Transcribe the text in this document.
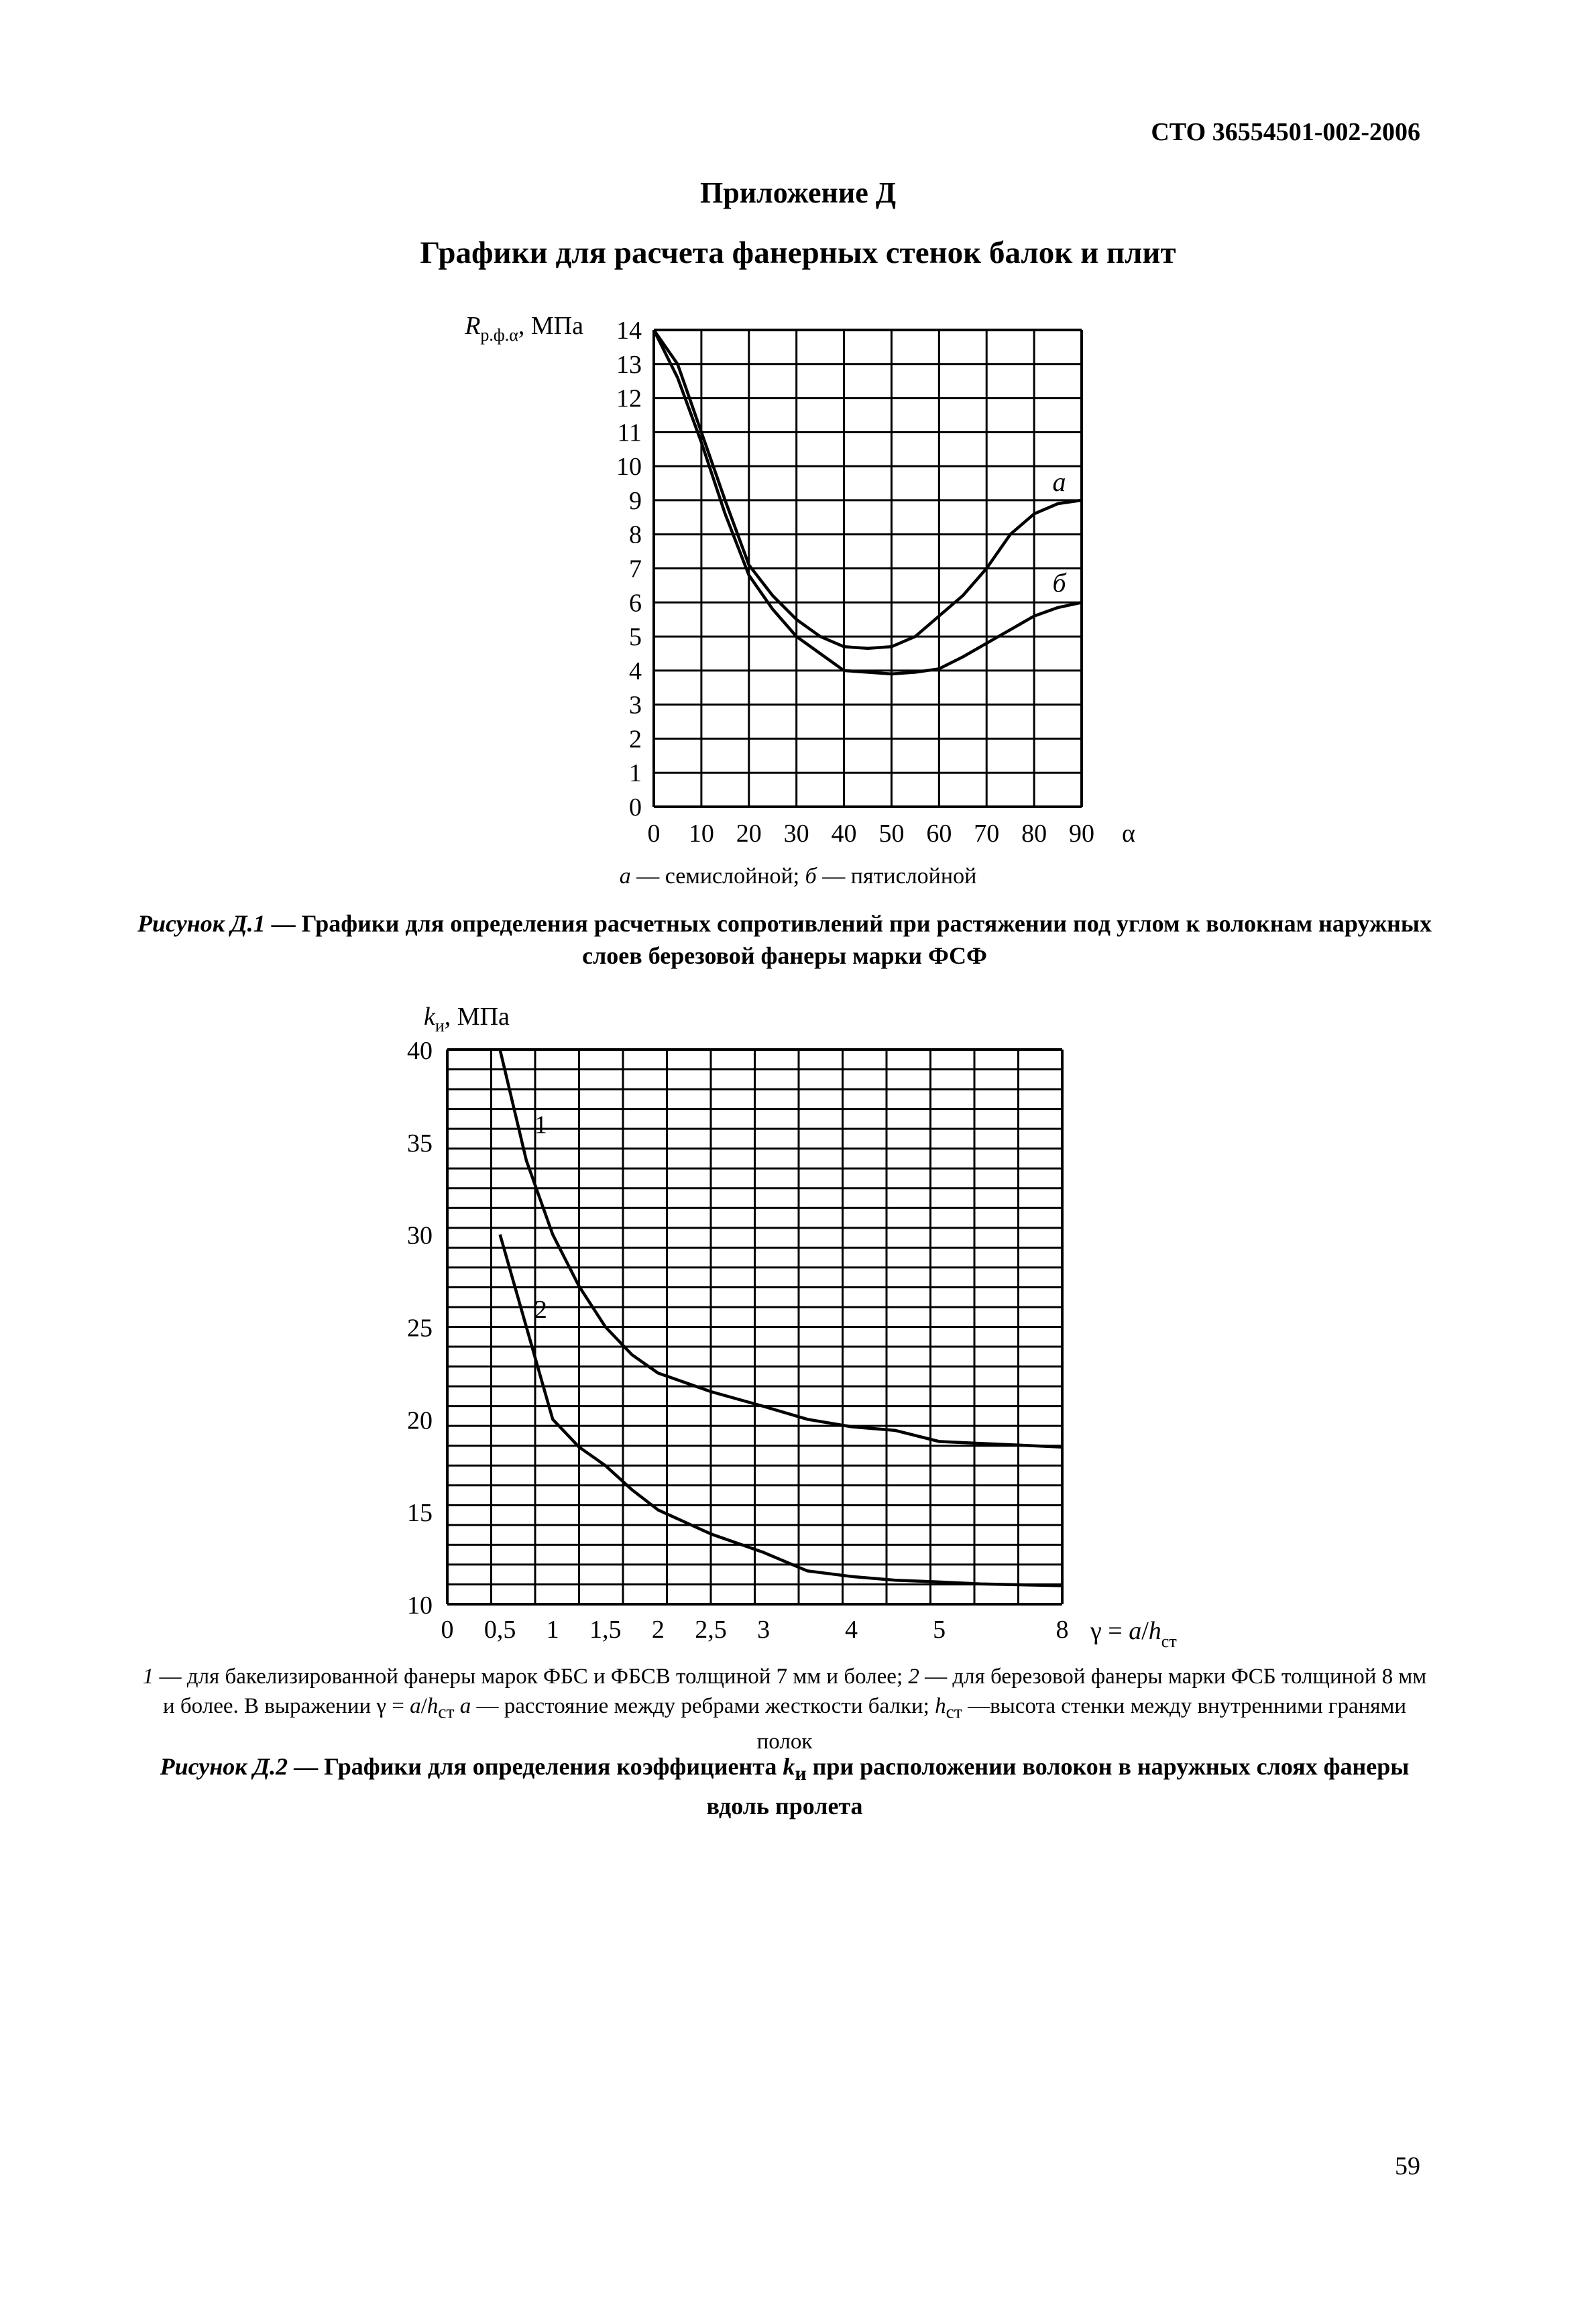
СТО 36554501-002-2006
Приложение Д
Графики для расчета фанерных стенок балок и плит
0 10 20 30 40 50 60 70 80 90
0
1
2
3
4
5
6
7
8
9
10
11
12
13
14
$R_{р.ф.\alpha}$, МПа
α
а
б
а — семислойной; б — пятислойной
Рисунок Д.1 — Графики для определения расчетных сопротивлений при растяжении под углом к волокнам наружных слоев березовой фанеры марки ФСФ
0 0,5 1 1,5 2 2,5 3	4	5	8
10
15
20
25
30
35
40
$k_и$, МПа
$\gamma = a/h_{ст}$
1
2
1 — для бакелизированной фанеры марок ФБС и ФБСВ толщиной 7 мм и более; 2 — для березовой фанеры марки ФСБ толщиной 8 мм и более. В выражении $\gamma = a/h_{ст}$ a — расстояние между ребрами жесткости балки; $h_{ст}$ —высота стенки между внутренними гранями полок
Рисунок Д.2 — Графики для определения коэффициента $k_и$ при расположении волокон в наружных слоях фанеры вдоль пролета
59
